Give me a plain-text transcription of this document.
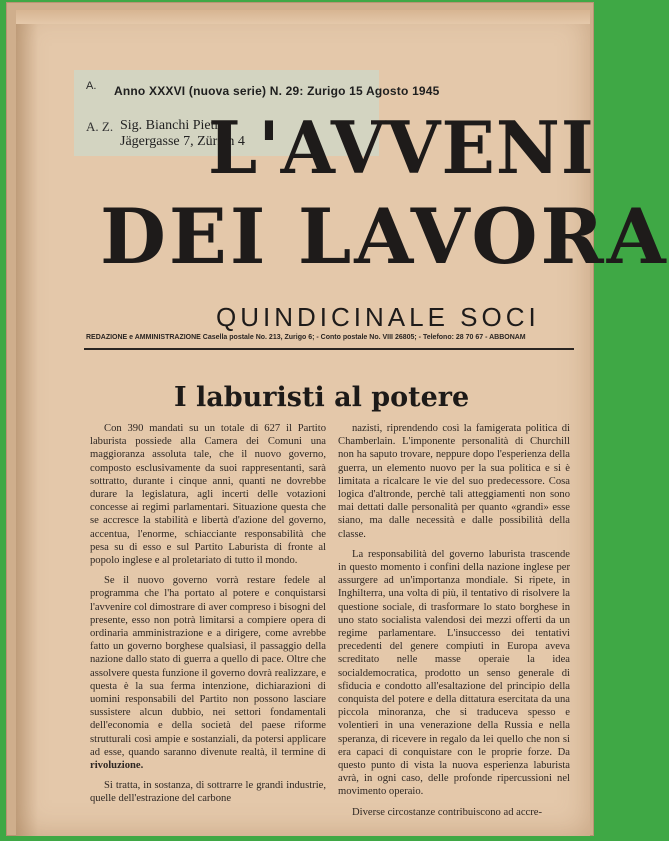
A.
A. Z. Sig. Bianchi Pietro
Jägergasse 7, Zürich 4
Anno XXXVI (nuova serie) N. 29: Zurigo 15 Agosto 1945
L'AVVENI
DEI LAVORA
QUINDICINALE SOCI
REDAZIONE e AMMINISTRAZIONE Casella postale No. 213, Zurigo 6; - Conto postale No. VIII 26805; - Telefono: 28 70 67 - ABBONAM
I laburisti al potere

Con 390 mandati su un totale di 627 il Partito laburista possiede alla Camera dei Comuni una maggioranza assoluta tale, che il nuovo governo, composto esclusivamente da suoi rappresentanti, sarà sottratto, durante i cinque anni, quanti ne dovrebbe durare la legislatura, agli incerti delle votazioni concesse ai regimi parlamentari. Situazione questa che se accresce la stabilità e libertà d'azione del governo, accentua, l'enorme, schiacciante responsabilità che pesa su di esso e sul Partito Laburista di fronte al popolo inglese e al proletariato di tutto il mondo.

Se il nuovo governo vorrà restare fedele al programma che l'ha portato al potere e conquistarsi l'avvenire col dimostrare di aver compreso i bisogni del presente, esso non potrà limitarsi a compiere opera di ordinaria amministrazione e a dirigere, come avrebbe fatto un governo borghese qualsiasi, il passaggio della nazione dallo stato di guerra a quello di pace. Oltre che assolvere questa funzione il governo dovrà realizzare, e questa è la sua ferma intenzione, dichiarazioni di uomini responsabili del Partito non possono lasciare sussistere alcun dubbio, nei settori fondamentali dell'economia e della società del paese riforme strutturali così ampie e sostanziali, da potersi applicare ad esse, quando saranno divenute realtà, il termine di rivoluzione.

Si tratta, in sostanza, di sottrarre le grandi industrie, quelle dell'estrazione del carbone

nazisti, riprendendo così la famigerata politica di Chamberlain. L'imponente personalità di Churchill non ha saputo trovare, neppure dopo l'esperienza della guerra, un elemento nuovo per la sua politica e si è limitata a ricalcare le vie del suo predecessore. Cosa logica d'altronde, perchè tali atteggiamenti non sono mai dettati dalle personalità per quanto «grandi» esse siano, ma dalle necessità e dalle possibilità della classe.

La responsabilità del governo laburista trascende in questo momento i confini della nazione inglese per assurgere ad un'importanza mondiale. Si ripete, in Inghilterra, una volta di più, il tentativo di risolvere la questione sociale, di trasformare lo stato borghese in uno stato socialista valendosi dei mezzi offerti da un regime parlamentare. L'insuccesso dei tentativi precedenti del genere compiuti in Europa aveva screditato nelle masse operaie la idea socialdemocratica, prodotto un senso generale di sfiducia e condotto all'esaltazione del principio della conquista del potere e della dittatura esercitata da una piccola minoranza, che si traduceva spesso e volentieri in una venerazione della Russia e nella speranza, di ricevere in regalo da lei quello che non si era capaci di conquistare con le proprie forze. Da questo punto di vista la nuova esperienza laburista avrà, in ogni caso, delle profonde ripercussioni nel movimento operaio.

Diverse circostanze contribuiscono ad accre-
